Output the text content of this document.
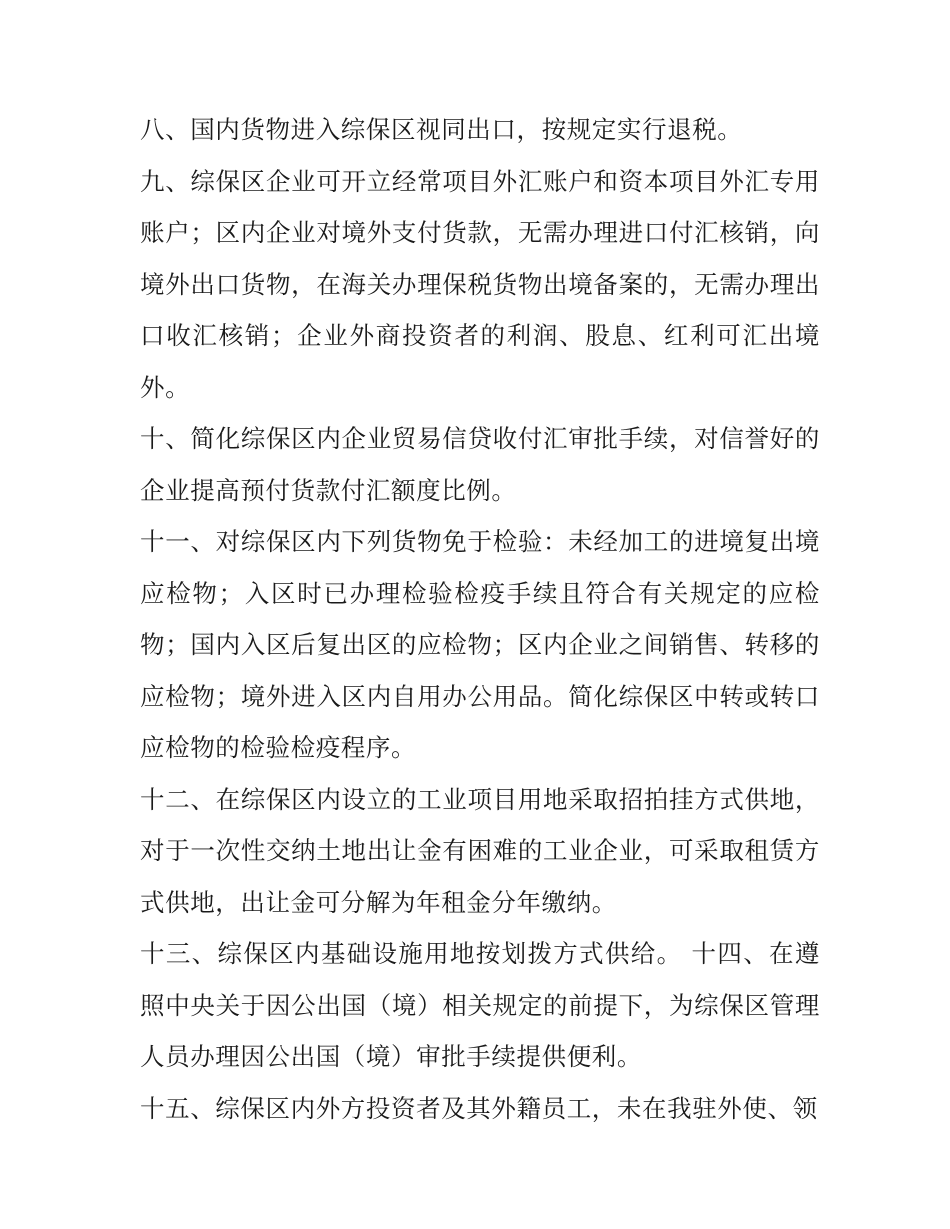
八、国内货物进入综保区视同出口，按规定实行退税。

九、综保区企业可开立经常项目外汇账户和资本项目外汇专用账户；区内企业对境外支付货款，无需办理进口付汇核销，向境外出口货物，在海关办理保税货物出境备案的，无需办理出口收汇核销；企业外商投资者的利润、股息、红利可汇出境外。

十、简化综保区内企业贸易信贷收付汇审批手续，对信誉好的企业提高预付货款付汇额度比例。

十一、对综保区内下列货物免于检验：未经加工的进境复出境应检物；入区时已办理检验检疫手续且符合有关规定的应检物；国内入区后复出区的应检物；区内企业之间销售、转移的应检物；境外进入区内自用办公用品。简化综保区中转或转口应检物的检验检疫程序。

十二、在综保区内设立的工业项目用地采取招拍挂方式供地，对于一次性交纳土地出让金有困难的工业企业，可采取租赁方式供地，出让金可分解为年租金分年缴纳。

十三、综保区内基础设施用地按划拨方式供给。 十四、在遵照中央关于因公出国（境）相关规定的前提下，为综保区管理人员办理因公出国（境）审批手续提供便利。

十五、综保区内外方投资者及其外籍员工，未在我驻外使、领
